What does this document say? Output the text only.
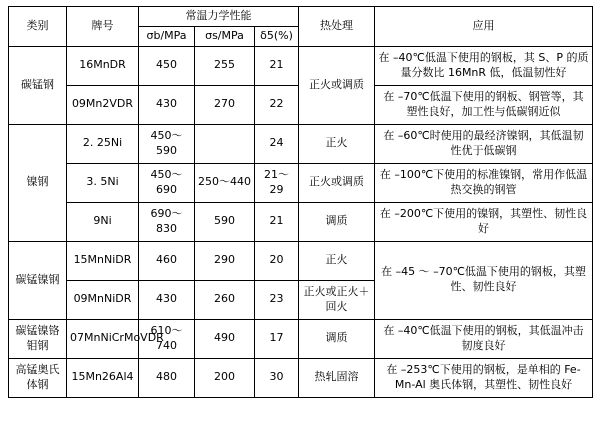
类别	牌号	常温力学性能			热处理	应用
		σb/MPa	σs/MPa	δ5(%)		
碳锰钢	16MnDR	450	255	21	正火或调质	在 –40℃低温下使用的钢板，其 S、P 的质量分数比 16MnR 低，低温韧性好
	09Mn2VDR	430	270	22		在 –70℃低温下使用的钢板、钢管等，其塑性良好，加工性与低碳钢近似
镍钢	2. 25Ni	450～590		24	正火	在 –60℃时使用的最经济镍钢，其低温韧性优于低碳钢
	3. 5Ni	450～690	250～440	21～29	正火或调质	在 –100℃下使用的标准镍钢，常用作低温热交换的钢管
	9Ni	690～830	590	21	调质	在 –200℃下使用的镍钢，其塑性、韧性良好
碳锰镍钢	15MnNiDR	460	290	20	正火	在 –45 ～ –70℃低温下使用的钢板，其塑性、韧性良好
	09MnNiDR	430	260	23	正火或正火＋回火	
碳锰镍铬钼钢	07MnNiCrMoVDR	610～740	490	17	调质	在 –40℃低温下使用的钢板，其低温冲击韧度良好
高锰奥氏体钢	15Mn26Al4	480	200	30	热轧固溶	在 –253℃下使用的钢板，是单相的 Fe-Mn-Al 奥氏体钢，其塑性、韧性良好
